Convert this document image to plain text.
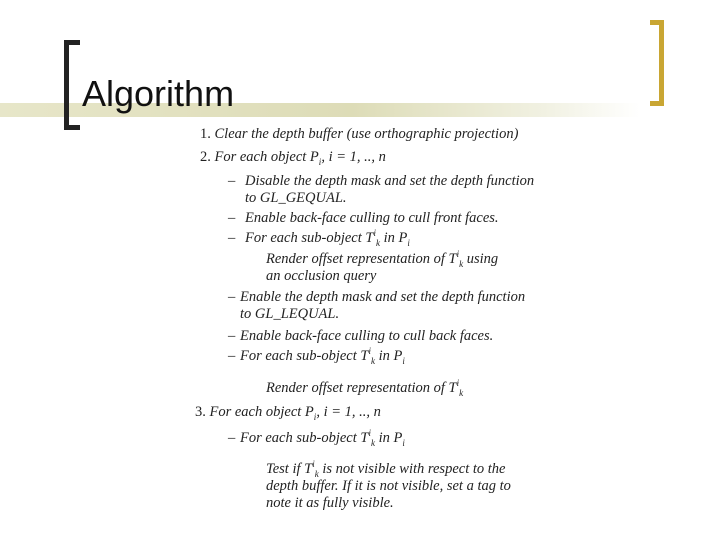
Algorithm
1. Clear the depth buffer (use orthographic projection)
2. For each object $P_i$, i = 1, .., n
– Disable the depth mask and set the depth function
to GL_GEQUAL.
– Enable back-face culling to cull front faces.
– For each sub-object $T^i_k$ in $P_i$
Render offset representation of $T^i_k$ using
an occlusion query
– Enable the depth mask and set the depth function
to GL_LEQUAL.
– Enable back-face culling to cull back faces.
– For each sub-object $T^i_k$ in $P_i$
Render offset representation of $T^i_k$
3. For each object $P_i$, i = 1, .., n
– For each sub-object $T^i_k$ in $P_i$
Test if $T^i_k$ is not visible with respect to the
depth buffer. If it is not visible, set a tag to
note it as fully visible.
